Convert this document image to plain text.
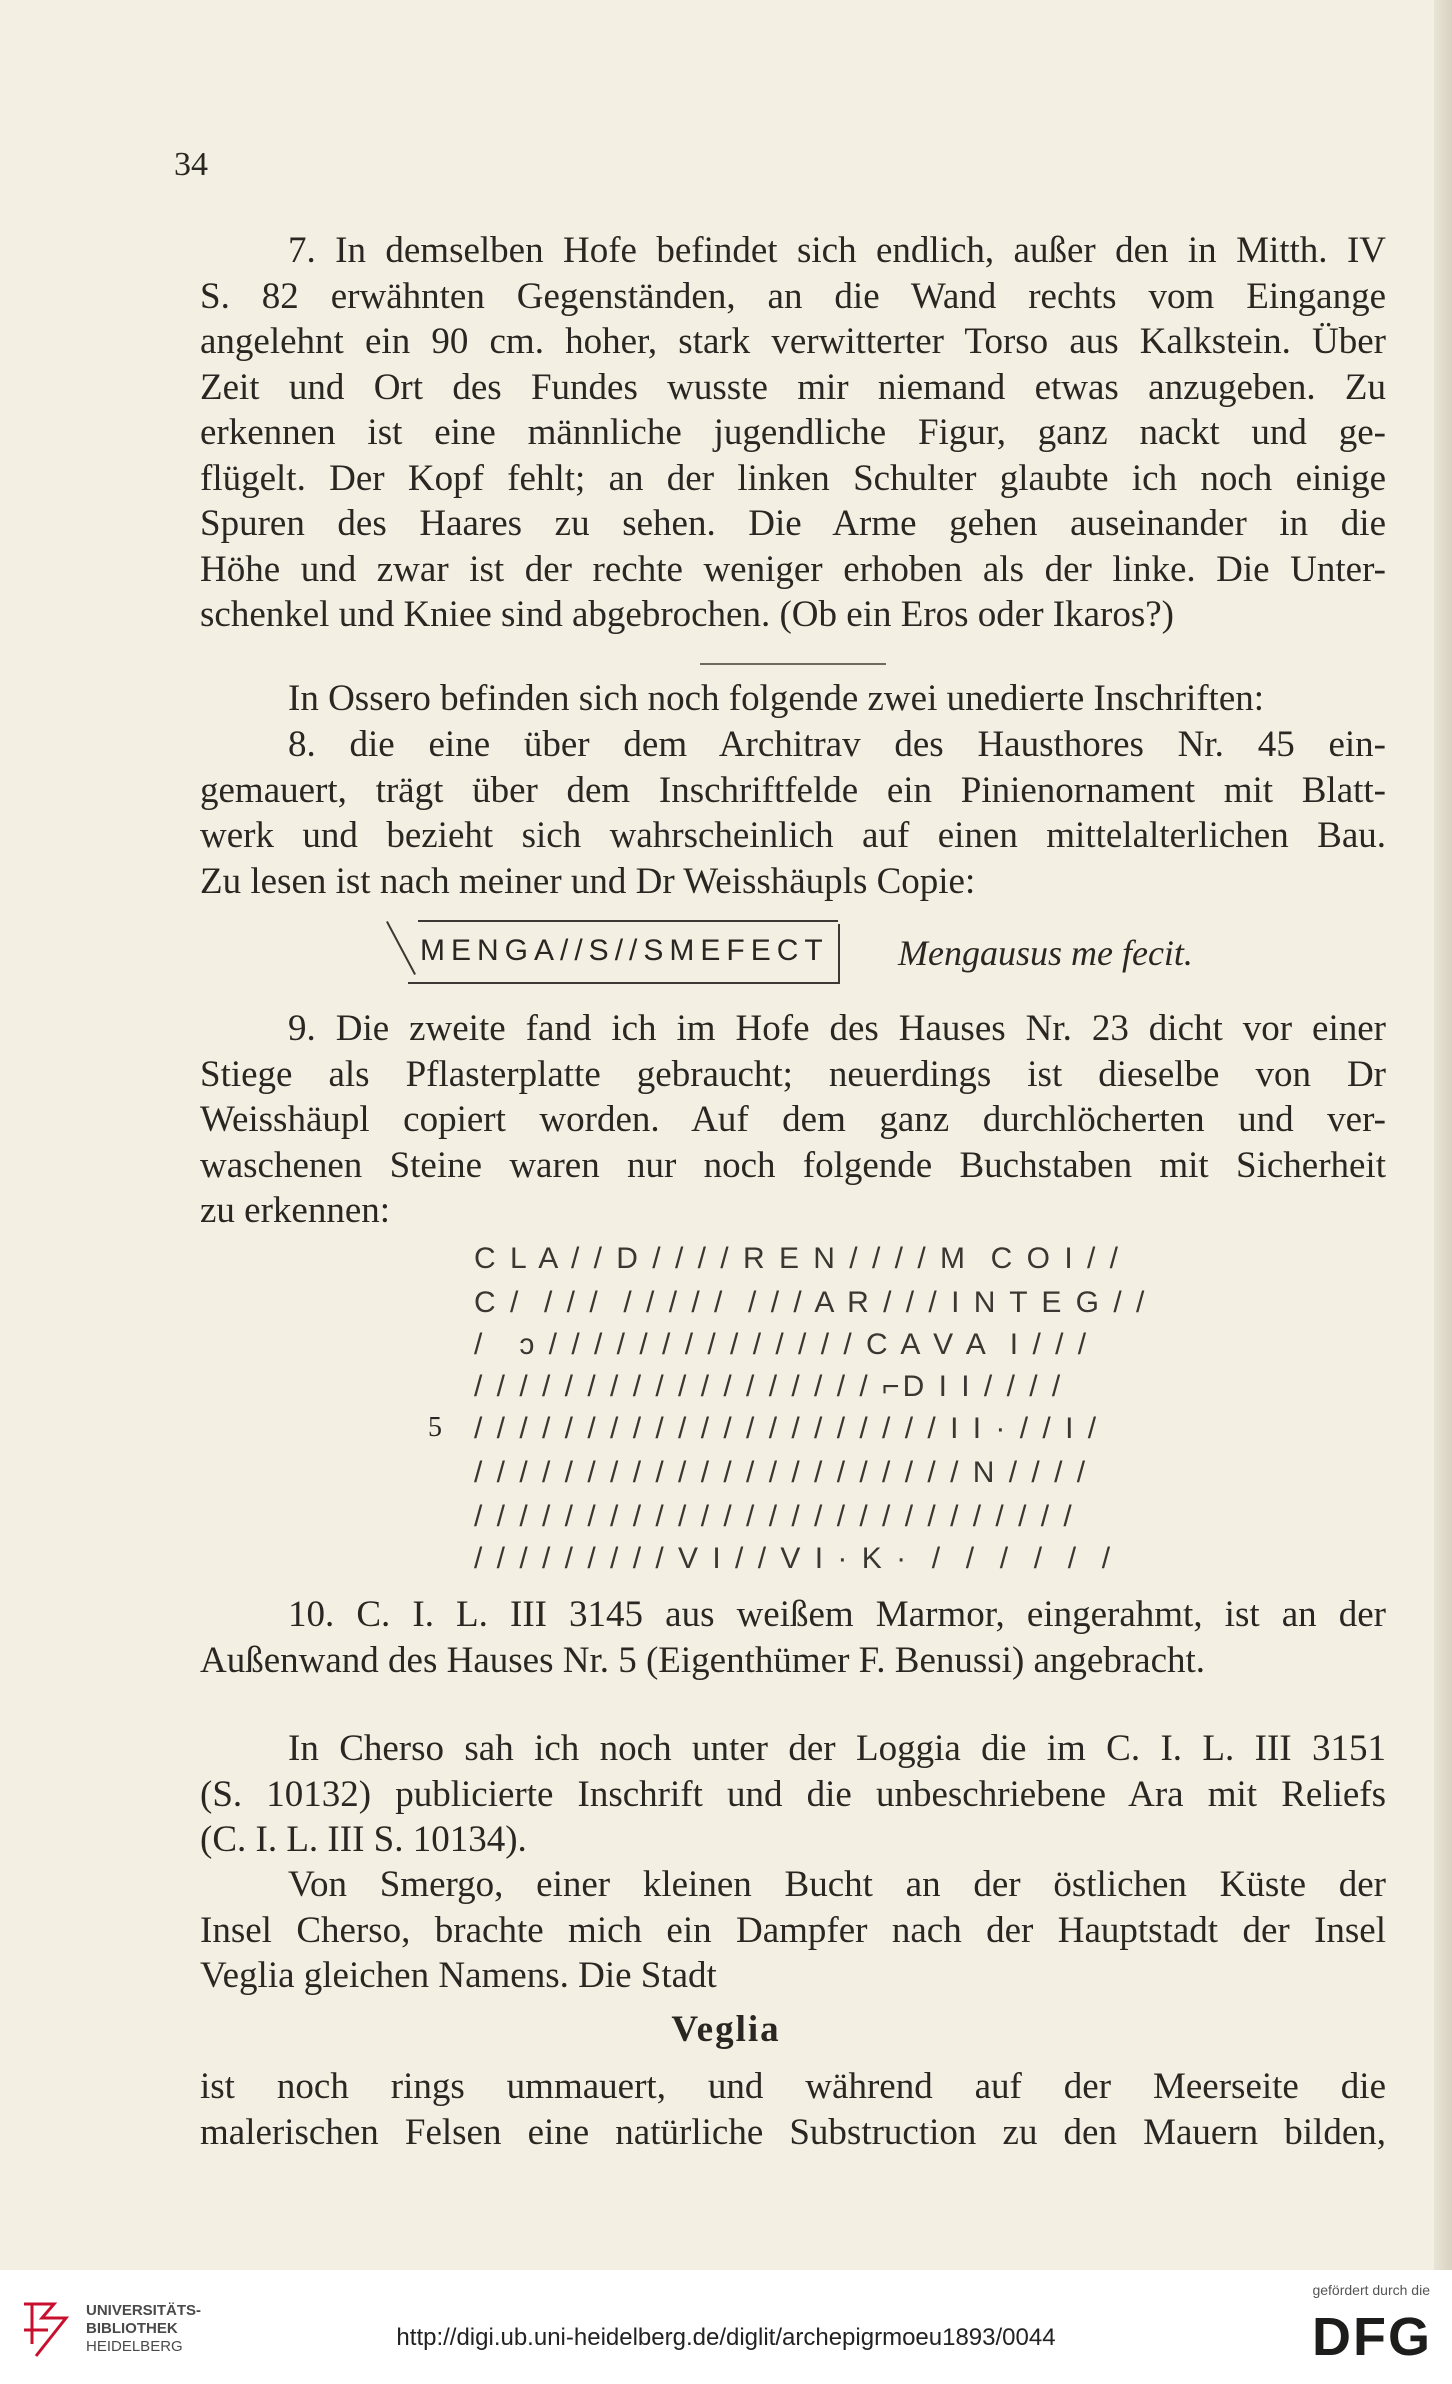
34

7. In demselben Hofe befindet sich endlich, außer den in Mitth. IV
S. 82 erwähnten Gegenständen, an die Wand rechts vom Eingange
angelehnt ein 90 cm. hoher, stark verwitterter Torso aus Kalkstein. Über
Zeit und Ort des Fundes wusste mir niemand etwas anzugeben. Zu
erkennen ist eine männliche jugendliche Figur, ganz nackt und ge-
flügelt. Der Kopf fehlt; an der linken Schulter glaubte ich noch einige
Spuren des Haares zu sehen. Die Arme gehen auseinander in die
Höhe und zwar ist der rechte weniger erhoben als der linke. Die Unter-
schenkel und Kniee sind abgebrochen. (Ob ein Eros oder Ikaros?)
In Ossero befinden sich noch folgende zwei unedierte Inschriften:
8. die eine über dem Architrav des Hausthores Nr. 45 ein-
gemauert, trägt über dem Inschriftfelde ein Pinienornament mit Blatt-
werk und bezieht sich wahrscheinlich auf einen mittelalterlichen Bau.
Zu lesen ist nach meiner und Dr Weisshäupls Copie:

MENGA//S//SMEFECT Mengausus me fecit.

9. Die zweite fand ich im Hofe des Hauses Nr. 23 dicht vor einer
Stiege als Pflasterplatte gebraucht; neuerdings ist dieselbe von Dr
Weisshäupl copiert worden. Auf dem ganz durchlöcherten und ver-
waschenen Steine waren nur noch folgende Buchstaben mit Sicherheit
zu erkennen:

5

C L A / / D / / / / R E N / / / / M  C O I / /
C /  / / /  / / / / /  / / / A R / / / I N T E G / /
/   ↄ / / / / / / / / / / / / / / C A V A  I / / /
/ / / / / / / / / / / / / / / / / / ⌐D I I / / / /
/ / / / / / / / / / / / / / / / / / / / / I I · / / I /
/ / / / / / / / / / / / / / / / / / / / / / N / / / /
/ / / / / / / / / / / / / / / / / / / / / / / / / / /
/ / / / / / / / / V I / / V I · K ·  /  /  /  /  /  /
10. C. I. L. III 3145 aus weißem Marmor, eingerahmt, ist an der
Außenwand des Hauses Nr. 5 (Eigenthümer F. Benussi) angebracht.
In Cherso sah ich noch unter der Loggia die im C. I. L. III 3151
(S. 10132) publicierte Inschrift und die unbeschriebene Ara mit Reliefs
(C. I. L. III S. 10134).
Von Smergo, einer kleinen Bucht an der östlichen Küste der
Insel Cherso, brachte mich ein Dampfer nach der Hauptstadt der Insel
Veglia gleichen Namens. Die Stadt

Veglia

ist noch rings ummauert, und während auf der Meerseite die
malerischen Felsen eine natürliche Substruction zu den Mauern bilden,
UNIVERSITÄTS-
BIBLIOTHEK
HEIDELBERG	http://digi.ub.uni-heidelberg.de/diglit/archepigrmoeu1893/0044
gefördert durch die
DFG
